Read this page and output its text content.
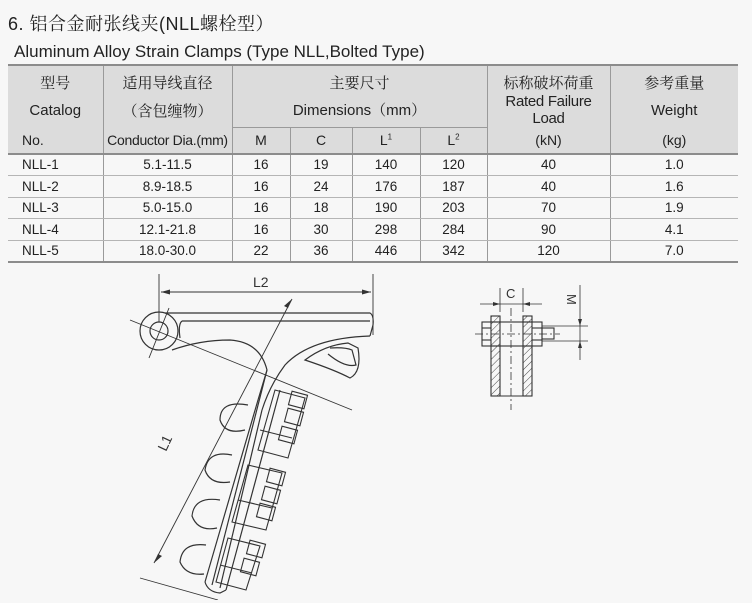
6. 铝合金耐张线夹(NLL螺栓型）
Aluminum Alloy Strain Clamps (Type NLL,Bolted Type)
型号	适用导线直径	主要尺寸				标称破坏荷重	参考重量
Catalog	（含包缠物）	Dimensions（mm）				Rated Failure Load	Weight
No.	Conductor Dia.(mm)	M	C	$L_1$	$L_2$	(kN)	(kg)
NLL-1	5.1-11.5	16	19	140	120	40	1.0
NLL-2	8.9-18.5	16	24	176	187	40	1.6
NLL-3	5.0-15.0	16	18	190	203	70	1.9
NLL-4	12.1-21.8	16	30	298	284	90	4.1
NLL-5	18.0-30.0	22	36	446	342	120	7.0
L2
L1
C	M
